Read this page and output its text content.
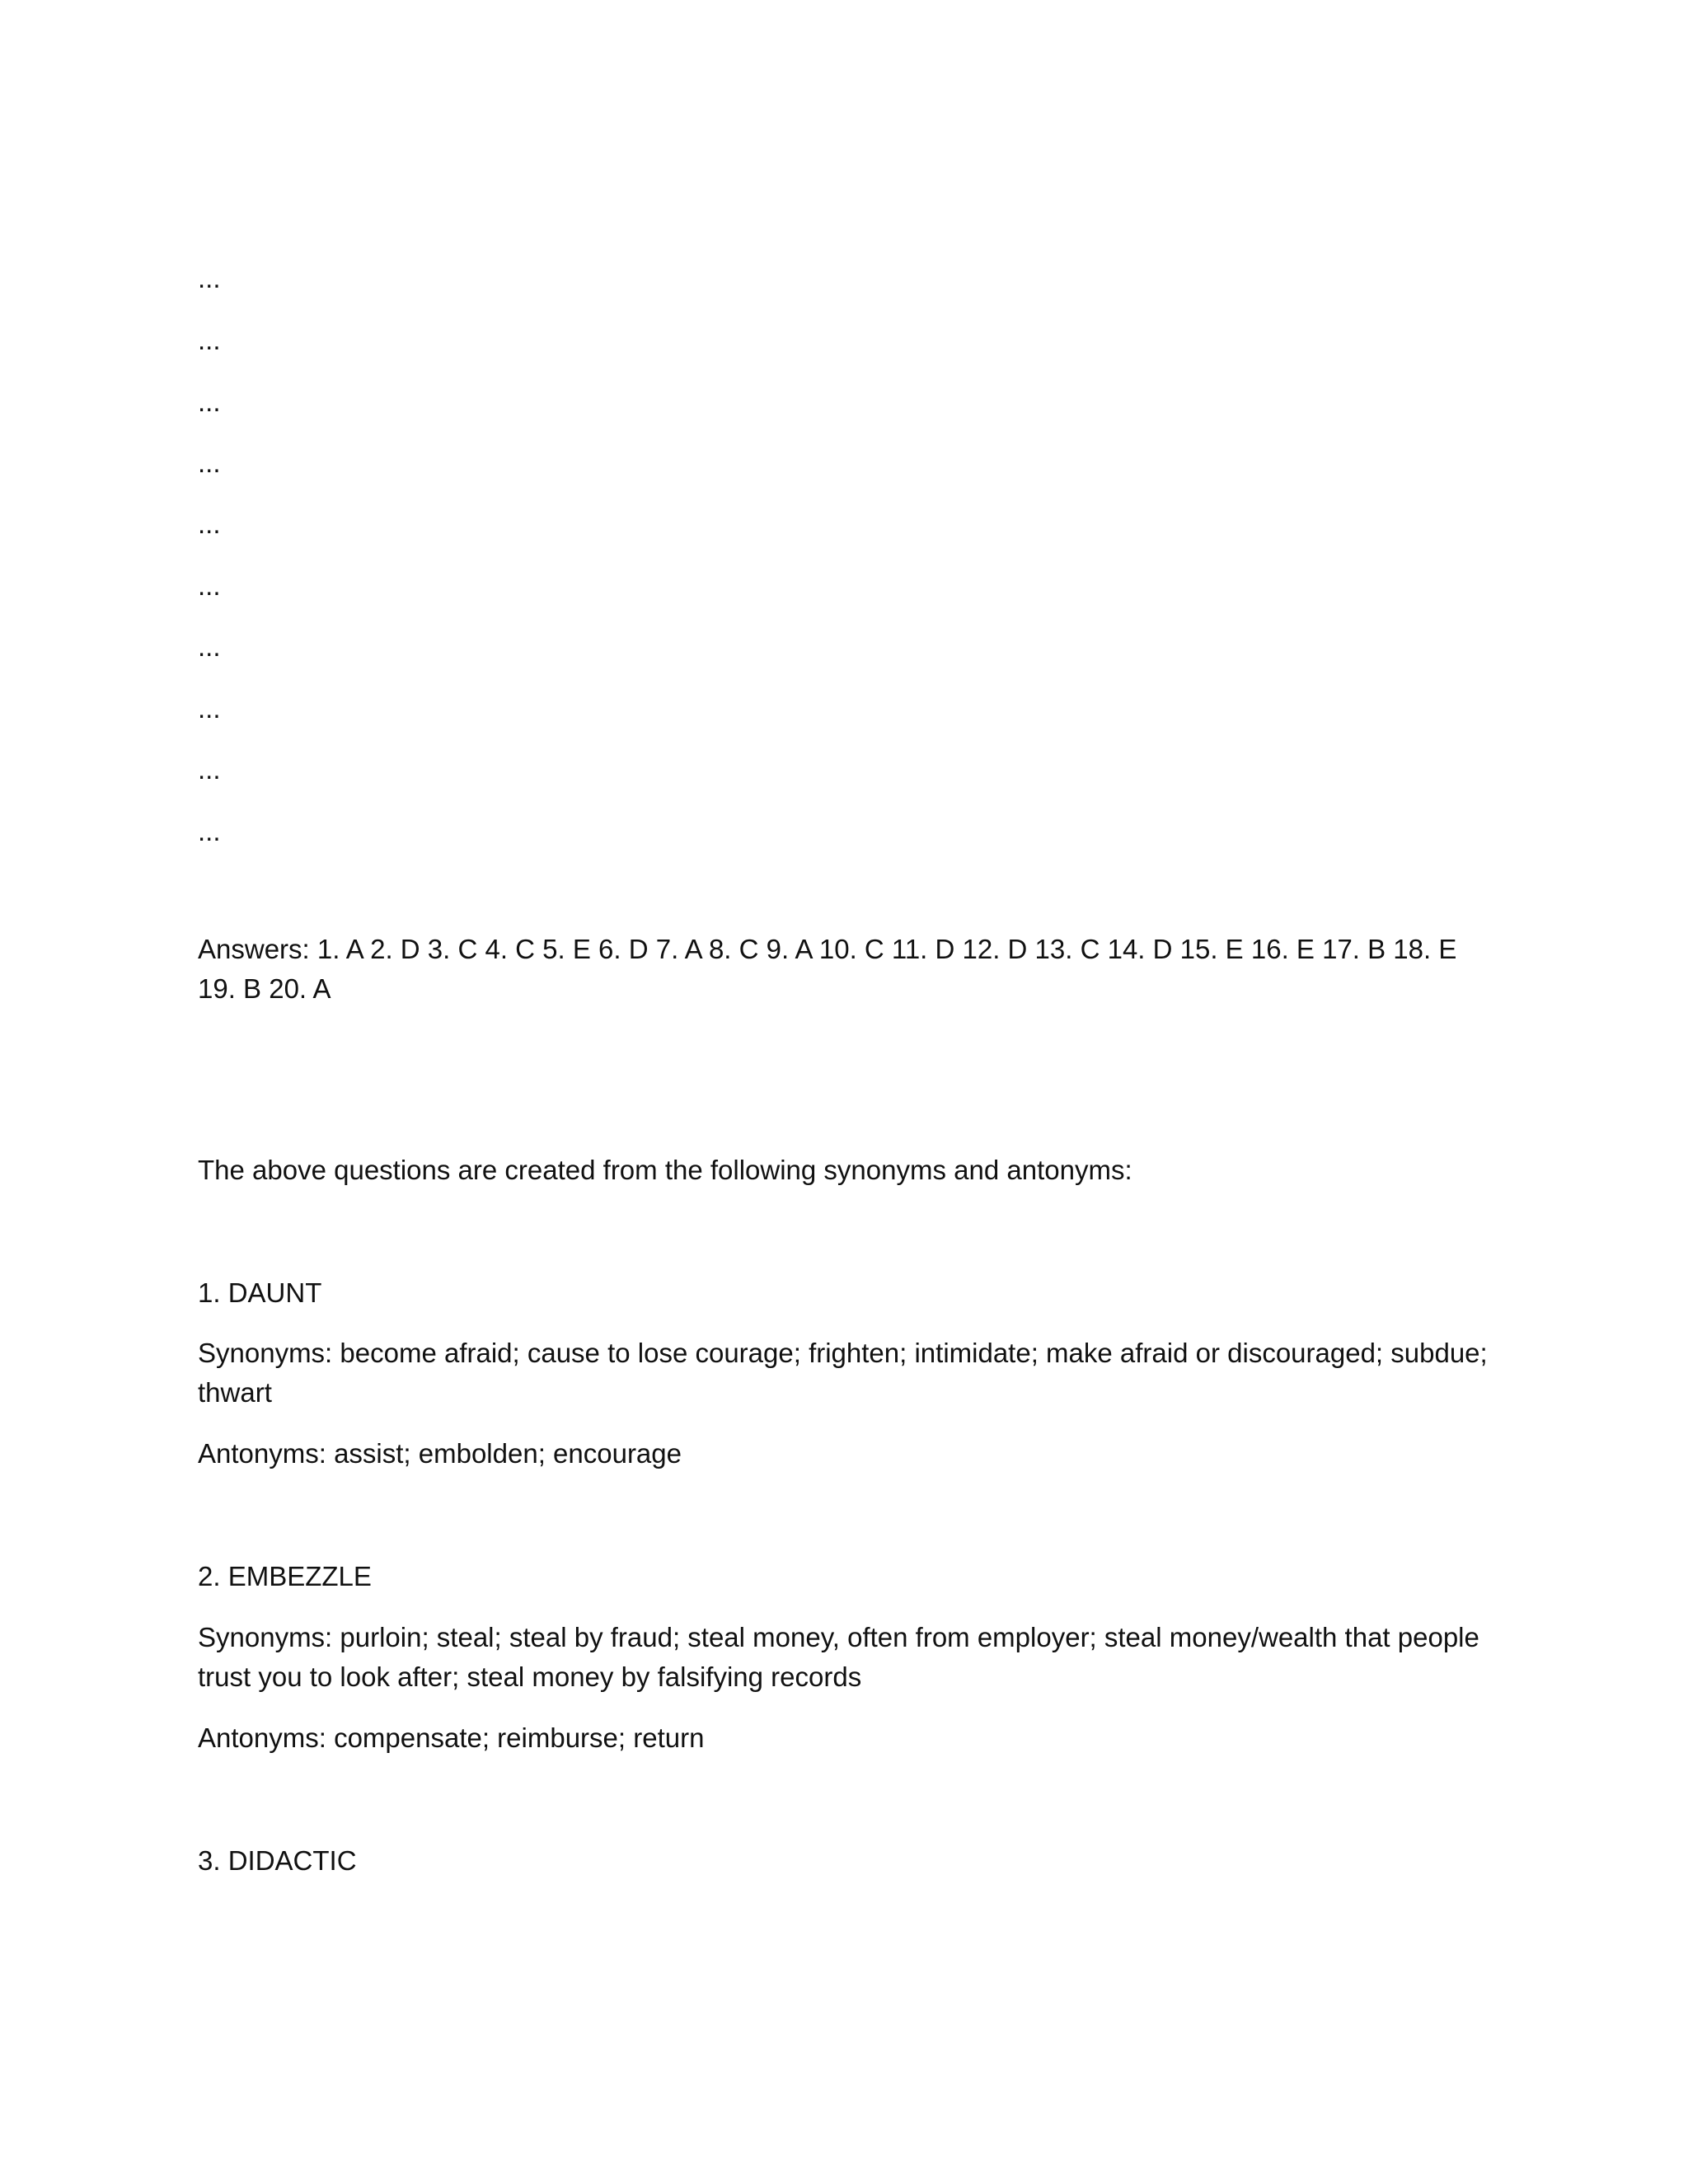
...
...
...
...
...
...
...
...
...
...

Answers: 1. A 2. D 3. C 4. C 5. E 6. D 7. A 8. C 9. A 10. C 11. D 12. D 13. C 14. D 15. E 16. E 17. B 18. E 19. B 20. A

The above questions are created from the following synonyms and antonyms:

1. DAUNT

Synonyms: become afraid; cause to lose courage; frighten; intimidate; make afraid or discouraged; subdue; thwart

Antonyms: assist; embolden; encourage

2. EMBEZZLE

Synonyms: purloin; steal; steal by fraud; steal money, often from employer; steal money/wealth that people trust you to look after; steal money by falsifying records

Antonyms: compensate; reimburse; return

3. DIDACTIC
